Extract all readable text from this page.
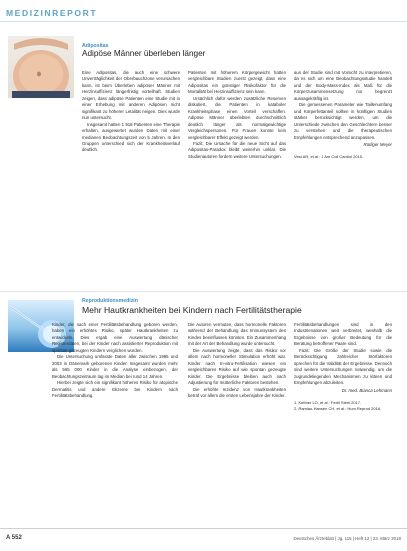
MEDIZINREPORT
Adipositas
Adipöse Männer überleben länger

Eine Adipositas, die auch eine schwere Unverträglichkeit der Oberbauchzone verursachen kann, ist beim Überleben adipöser Männer mit Herzinsuffizienz längerfristig vorteilhaft. Studien zeigen, dass adipöse Patienten eine Studie mit in einer Erhebung mit anderen Adipösen nicht signifikant zu höherer Letalität neigen. Dies wurde nun untersucht.

Insgesamt hatten 1 918 Patienten eine Therapie erhalten, ausgewertet wurden Daten mit einer medianen Beobachtungszeit von 5 Jahren. In den Gruppen unterschied sich der Krankheitsverlauf deutlich.

Patienten mit höherem Körpergewicht hatten vergleichbare Studien zuerst gezeigt, dass eine Adipositas ein günstiger Risikofaktor für die Mortalität bei Herzinsuffizienz sein kann.

Ursächlich dafür werden zusätzliche Reserven diskutiert, die Patienten in kataboler Krankheitsphase einen Vorteil verschaffen. Adipöse Männer überlebten durchschnittlich deutlich länger als normalgewichtige Vergleichspersonen. Für Frauen konnte kein vergleichbarer Effekt gezeigt werden.

Fazit: Die Ursache für die neue Sicht auf das Adipositas-Paradox bleibt weiterhin unklar. Die Studienautoren fordern weitere Untersuchungen.

aus der Studie sind mit Vorsicht zu interpretieren, da es sich um eine Beobachtungsstudie handelt und der Body-Mass-Index als Maß für die Körperzusammensetzung nur begrenzt aussagekräftig ist.

Die gemessenen Parameter wie Taillenumfang und Körperfettanteil sollten in künftigen Studien stärker berücksichtigt werden, um die Unterschiede zwischen den Geschlechtern besser zu verstehen und die therapeutischen Empfehlungen entsprechend anzupassen.

Rüdiger Meyer

Vest AR, et al.: J Am Coll Cardiol 2015.

Reproduktionsmedizin
Mehr Hautkrankheiten bei Kindern nach Fertilitätstherapie

Kinder, die nach einer Fertilitätsbehandlung geboren werden, haben ein erhöhtes Risiko, später Hautkrankheiten zu entwickeln. Dies ergab eine Auswertung dänischer Registerdaten, bei der Kinder nach assistierter Reproduktion mit spontan gezeugten Kindern verglichen wurden.

Die Untersuchung umfasste Daten aller zwischen 1995 und 2003 in Dänemark geborenen Kinder. Insgesamt wurden mehr als 565 000 Kinder in die Analyse einbezogen, der Beobachtungszeitraum lag im Median bei rund 14 Jahren.

Hierbei zeigte sich ein signifikant höheres Risiko für atopische Dermatitis und andere Ekzeme bei Kindern nach Fertilitätsbehandlung.

Die Autoren vermuten, dass hormonelle Faktoren während der Behandlung das Immunsystem des Kindes beeinflussen könnten. Ein Zusammenhang mit der Art der Behandlung wurde untersucht.

Die Auswertung zeigte, dass das Risiko vor allem nach hormoneller Stimulation erhöht war. Kinder nach In-vitro-Fertilisation wiesen ein vergleichbares Risiko auf wie spontan gezeugte Kinder. Die Ergebnisse bleiben auch nach Adjustierung für mütterliche Faktoren bestehen.

Die erhöhte Inzidenz von Hautkrankheiten betraf vor allem die ersten Lebensjahre der Kinder.

Fertilitätsbehandlungen sind in den Industrienationen weit verbreitet, weshalb die Ergebnisse von großer Bedeutung für die Beratung betroffener Paare sind.

Fazit: Die Größe der Studie sowie die Berücksichtigung zahlreicher Störfaktoren sprechen für die Validität der Ergebnisse. Dennoch sind weitere Untersuchungen notwendig, um die zugrundeliegenden Mechanismen zu klären und Empfehlungen abzuleiten.

Dr. med. Bianca Lehmann

1. Kettner LO, et al.: Fertil Steril 2017.
2. Ramlau-Hansen CH, et al.: Hum Reprod 2016.

A 552	Deutsches Ärzteblatt | Jg. 115 | Heft 12 | 23. März 2018
